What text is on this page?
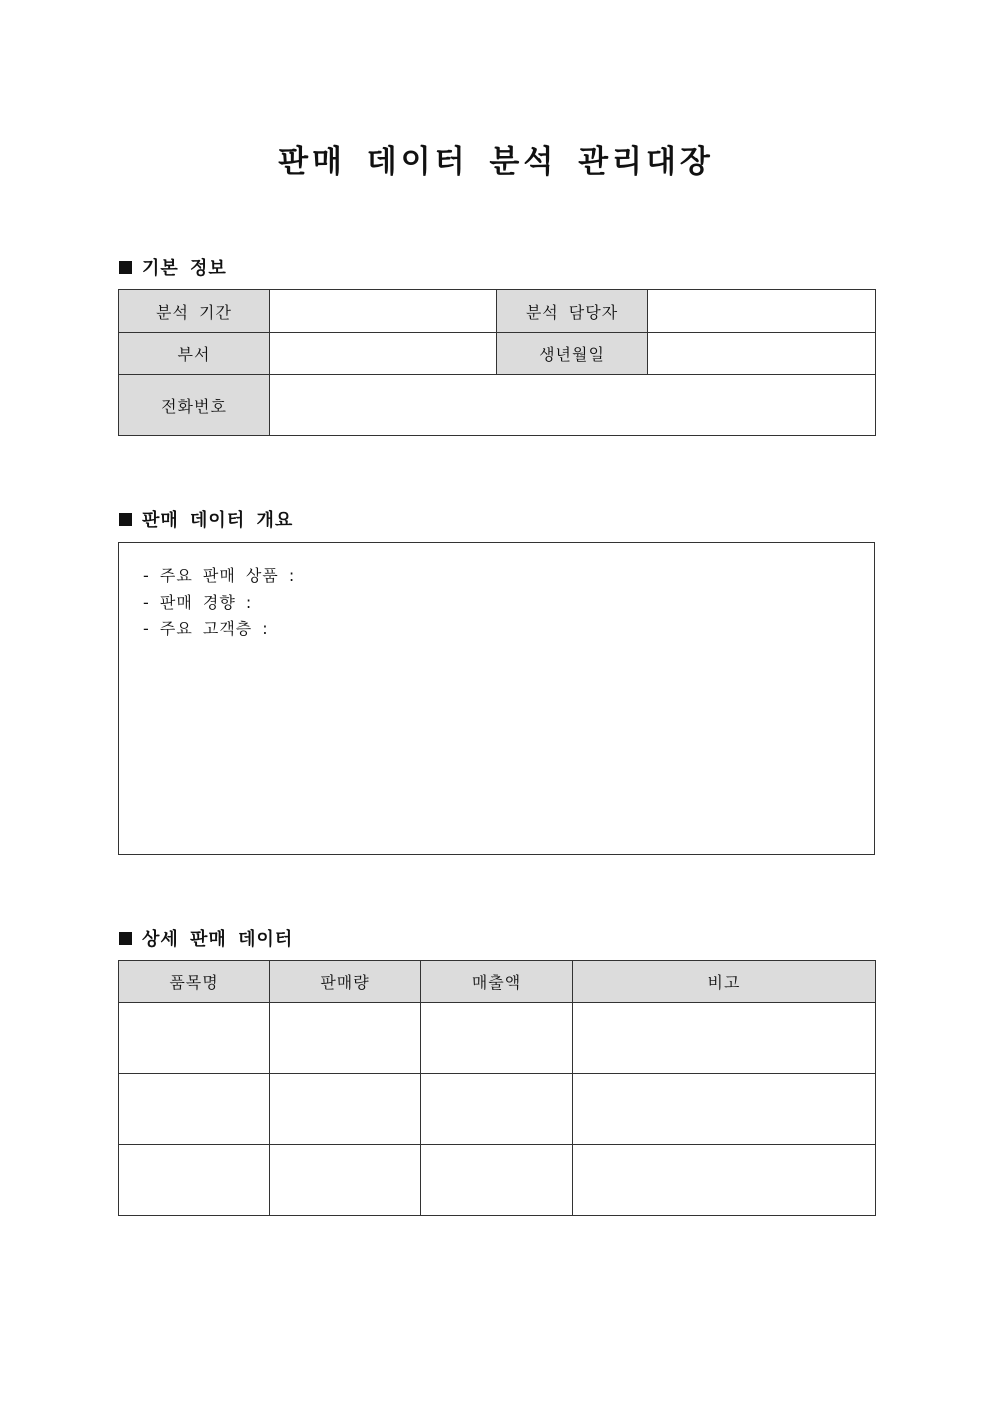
판매 데이터 분석 관리대장
기본 정보
분석 기간		분석 담당자	
부서		생년월일	
전화번호			
판매 데이터 개요
- 주요 판매 상품 :
- 판매 경향 :
- 주요 고객층 :
상세 판매 데이터
품목명	판매량	매출액	비고
